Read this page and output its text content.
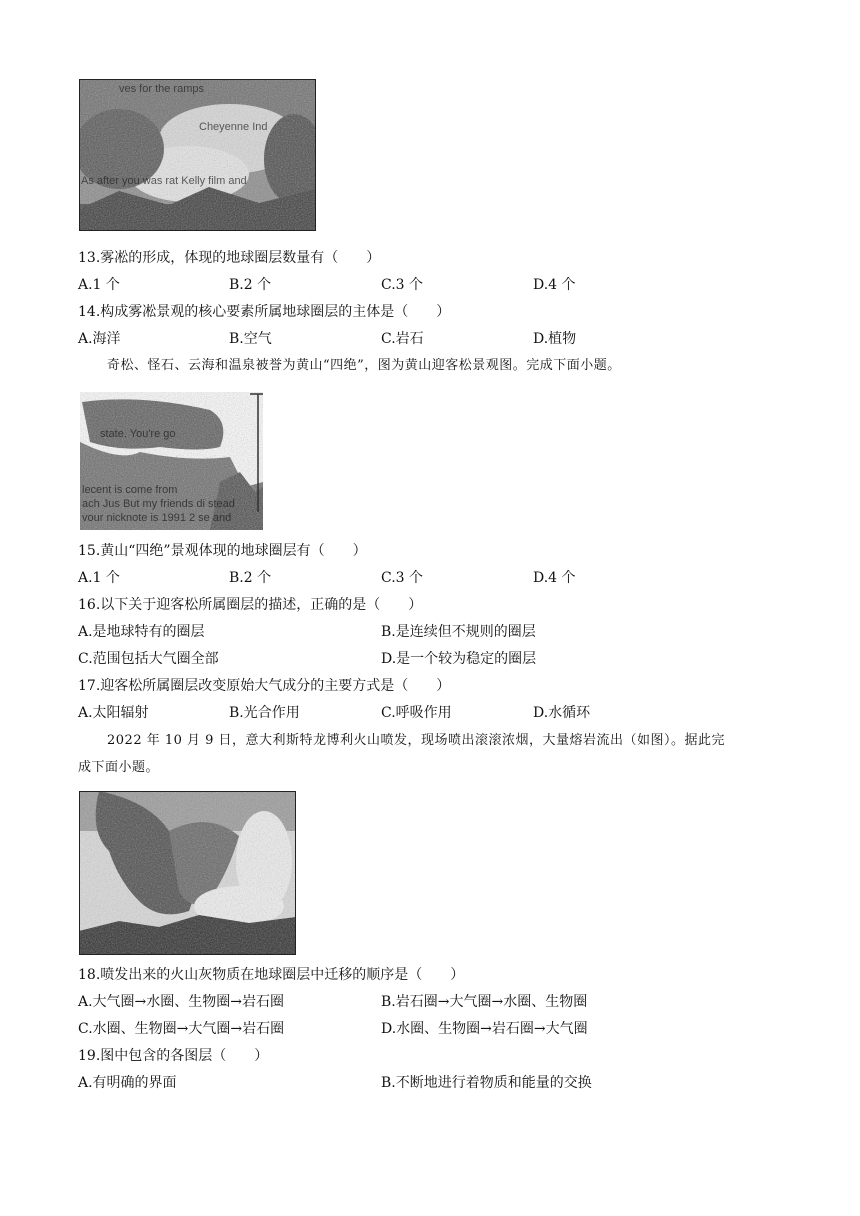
ves for the ramps
Cheyenne Ind
As after you was rat Kelly film and
13.雾凇的形成，体现的地球圈层数量有（　　）
A.1 个	B.2 个	C.3 个	D.4 个
14.构成雾凇景观的核心要素所属地球圈层的主体是（　　）
A.海洋	B.空气	C.岩石	D.植物
奇松、怪石、云海和温泉被誉为黄山“四绝”，图为黄山迎客松景观图。完成下面小题。
state. You're go
lecent is come from
ach Jus But my friends di stead
vour nicknote is 1991 2 se and
15.黄山“四绝”景观体现的地球圈层有（　　）
A.1 个	B.2 个	C.3 个	D.4 个
16.以下关于迎客松所属圈层的描述，正确的是（　　）
A.是地球特有的圈层	B.是连续但不规则的圈层
C.范围包括大气圈全部	D.是一个较为稳定的圈层
17.迎客松所属圈层改变原始大气成分的主要方式是（　　）
A.太阳辐射	B.光合作用	C.呼吸作用	D.水循环
2022 年 10 月 9 日，意大利斯特龙博利火山喷发，现场喷出滚滚浓烟，大量熔岩流出（如图）。据此完
成下面小题。
18.喷发出来的火山灰物质在地球圈层中迁移的顺序是（　　）
A.大气圈→水圈、生物圈→岩石圈	B.岩石圈→大气圈→水圈、生物圈
C.水圈、生物圈→大气圈→岩石圈	D.水圈、生物圈→岩石圈→大气圈
19.图中包含的各图层（　　）
A.有明确的界面	B.不断地进行着物质和能量的交换
